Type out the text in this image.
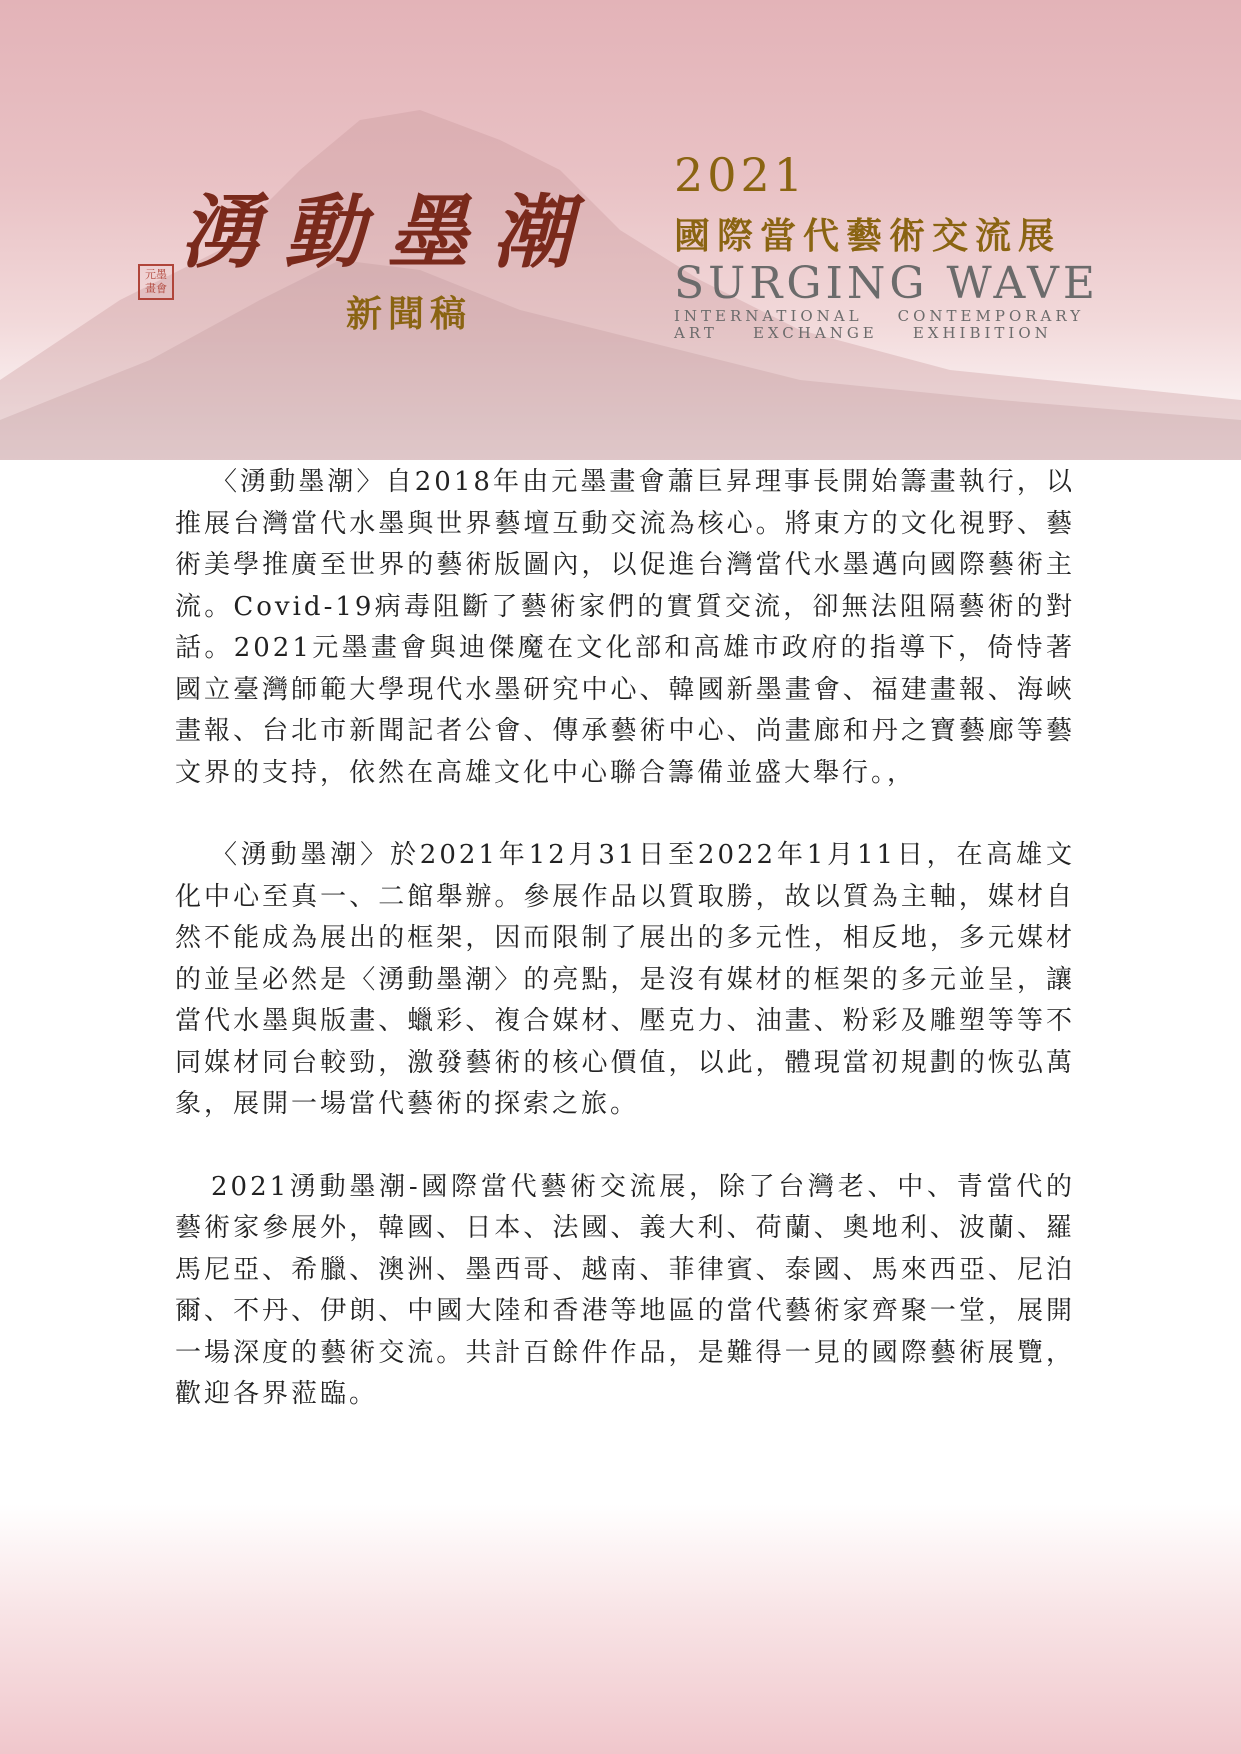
湧動墨潮
元墨畫會
新聞稿
2021
國際當代藝術交流展
SURGING WAVE
INTERNATIONAL    CONTEMPORARY
ART    EXCHANGE    EXHIBITION

〈湧動墨潮〉自2018年由元墨畫會蕭巨昇理事長開始籌畫執行，以推展台灣當代水墨與世界藝壇互動交流為核心。將東方的文化視野、藝術美學推廣至世界的藝術版圖內，以促進台灣當代水墨邁向國際藝術主流。Covid-19病毒阻斷了藝術家們的實質交流，卻無法阻隔藝術的對話。2021元墨畫會與迪傑魔在文化部和高雄市政府的指導下，倚恃著國立臺灣師範大學現代水墨研究中心、韓國新墨畫會、福建畫報、海峽畫報、台北市新聞記者公會、傳承藝術中心、尚畫廊和丹之寶藝廊等藝文界的支持，依然在高雄文化中心聯合籌備並盛大舉行。，

〈湧動墨潮〉於2021年12月31日至2022年1月11日，在高雄文化中心至真一、二館舉辦。參展作品以質取勝，故以質為主軸，媒材自然不能成為展出的框架，因而限制了展出的多元性，相反地，多元媒材的並呈必然是〈湧動墨潮〉的亮點，是沒有媒材的框架的多元並呈，讓當代水墨與版畫、蠟彩、複合媒材、壓克力、油畫、粉彩及雕塑等等不同媒材同台較勁，激發藝術的核心價值，以此，體現當初規劃的恢弘萬象，展開一場當代藝術的探索之旅。

2021湧動墨潮-國際當代藝術交流展，除了台灣老、中、青當代的藝術家參展外，韓國、日本、法國、義大利、荷蘭、奧地利、波蘭、羅馬尼亞、希臘、澳洲、墨西哥、越南、菲律賓、泰國、馬來西亞、尼泊爾、不丹、伊朗、中國大陸和香港等地區的當代藝術家齊聚一堂，展開一場深度的藝術交流。共計百餘件作品，是難得一見的國際藝術展覽，歡迎各界蒞臨。
